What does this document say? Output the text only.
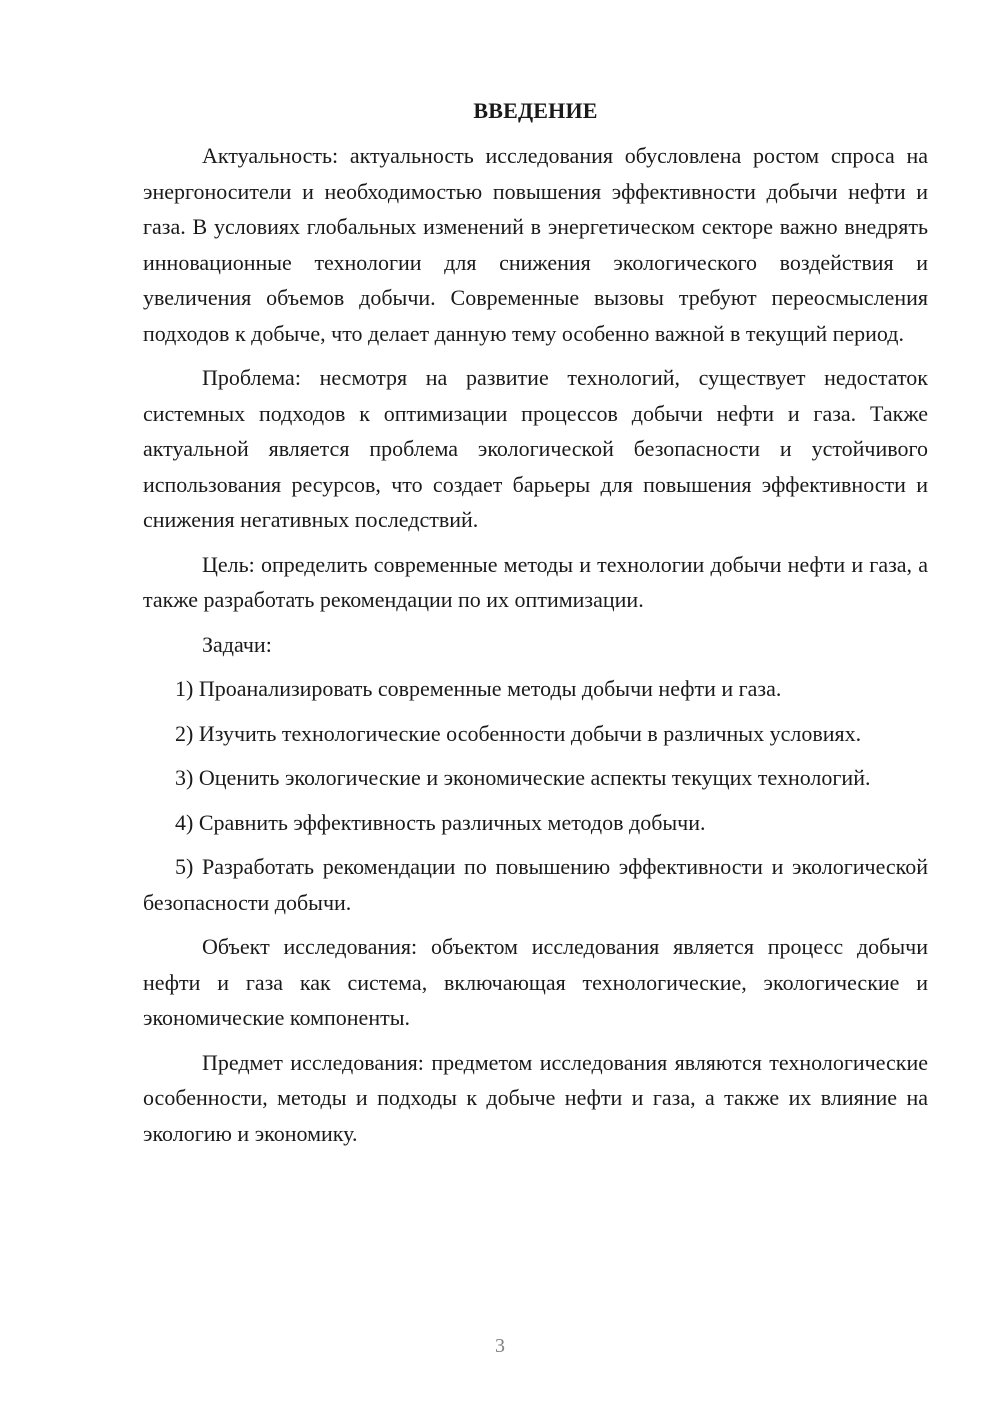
ВВЕДЕНИЕ

Актуальность: актуальность исследования обусловлена ростом спроса на энергоносители и необходимостью повышения эффективности добычи нефти и газа. В условиях глобальных изменений в энергетическом секторе важно внедрять инновационные технологии для снижения экологического воздействия и увеличения объемов добычи. Современные вызовы требуют переосмысления подходов к добыче, что делает данную тему особенно важной в текущий период.

Проблема: несмотря на развитие технологий, существует недостаток системных подходов к оптимизации процессов добычи нефти и газа. Также актуальной является проблема экологической безопасности и устойчивого использования ресурсов, что создает барьеры для повышения эффективности и снижения негативных последствий.

Цель: определить современные методы и технологии добычи нефти и газа, а также разработать рекомендации по их оптимизации.

Задачи:

1) Проанализировать современные методы добычи нефти и газа.

2) Изучить технологические особенности добычи в различных условиях.

3) Оценить экологические и экономические аспекты текущих технологий.

4) Сравнить эффективность различных методов добычи.

5) Разработать рекомендации по повышению эффективности и экологической безопасности добычи.

Объект исследования: объектом исследования является процесс добычи нефти и газа как система, включающая технологические, экологические и экономические компоненты.

Предмет исследования: предметом исследования являются технологические особенности, методы и подходы к добыче нефти и газа, а также их влияние на экологию и экономику.

3
